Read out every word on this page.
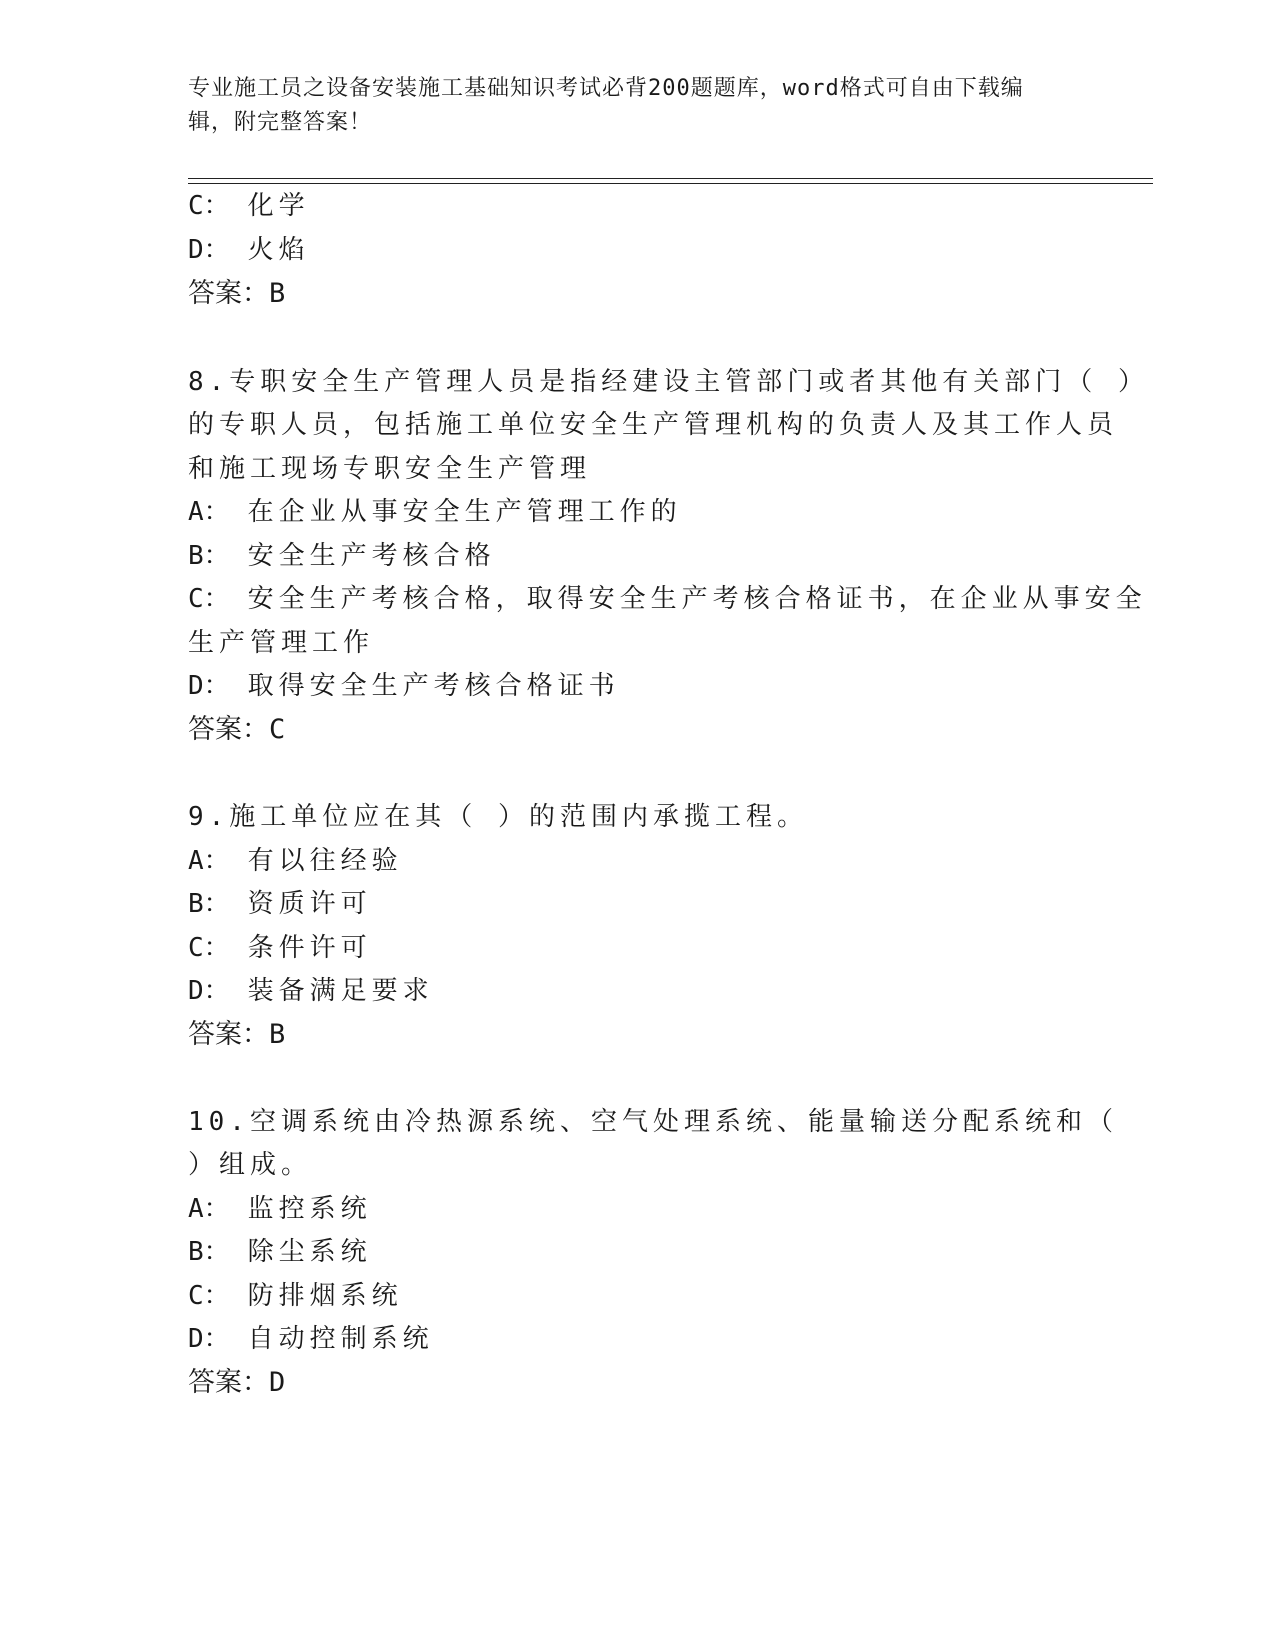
专业施工员之设备安装施工基础知识考试必背200题题库，word格式可自由下载编辑，附完整答案！
C： 化学
D： 火焰
答案：B
8.专职安全生产管理人员是指经建设主管部门或者其他有关部门（ ）
的专职人员，包括施工单位安全生产管理机构的负责人及其工作人员
和施工现场专职安全生产管理
A： 在企业从事安全生产管理工作的
B： 安全生产考核合格
C： 安全生产考核合格，取得安全生产考核合格证书，在企业从事安全
生产管理工作
D： 取得安全生产考核合格证书
答案：C
9.施工单位应在其（ ）的范围内承揽工程。
A： 有以往经验
B： 资质许可
C： 条件许可
D： 装备满足要求
答案：B
10.空调系统由冷热源系统、空气处理系统、能量输送分配系统和（
）组成。
A： 监控系统
B： 除尘系统
C： 防排烟系统
D： 自动控制系统
答案：D
